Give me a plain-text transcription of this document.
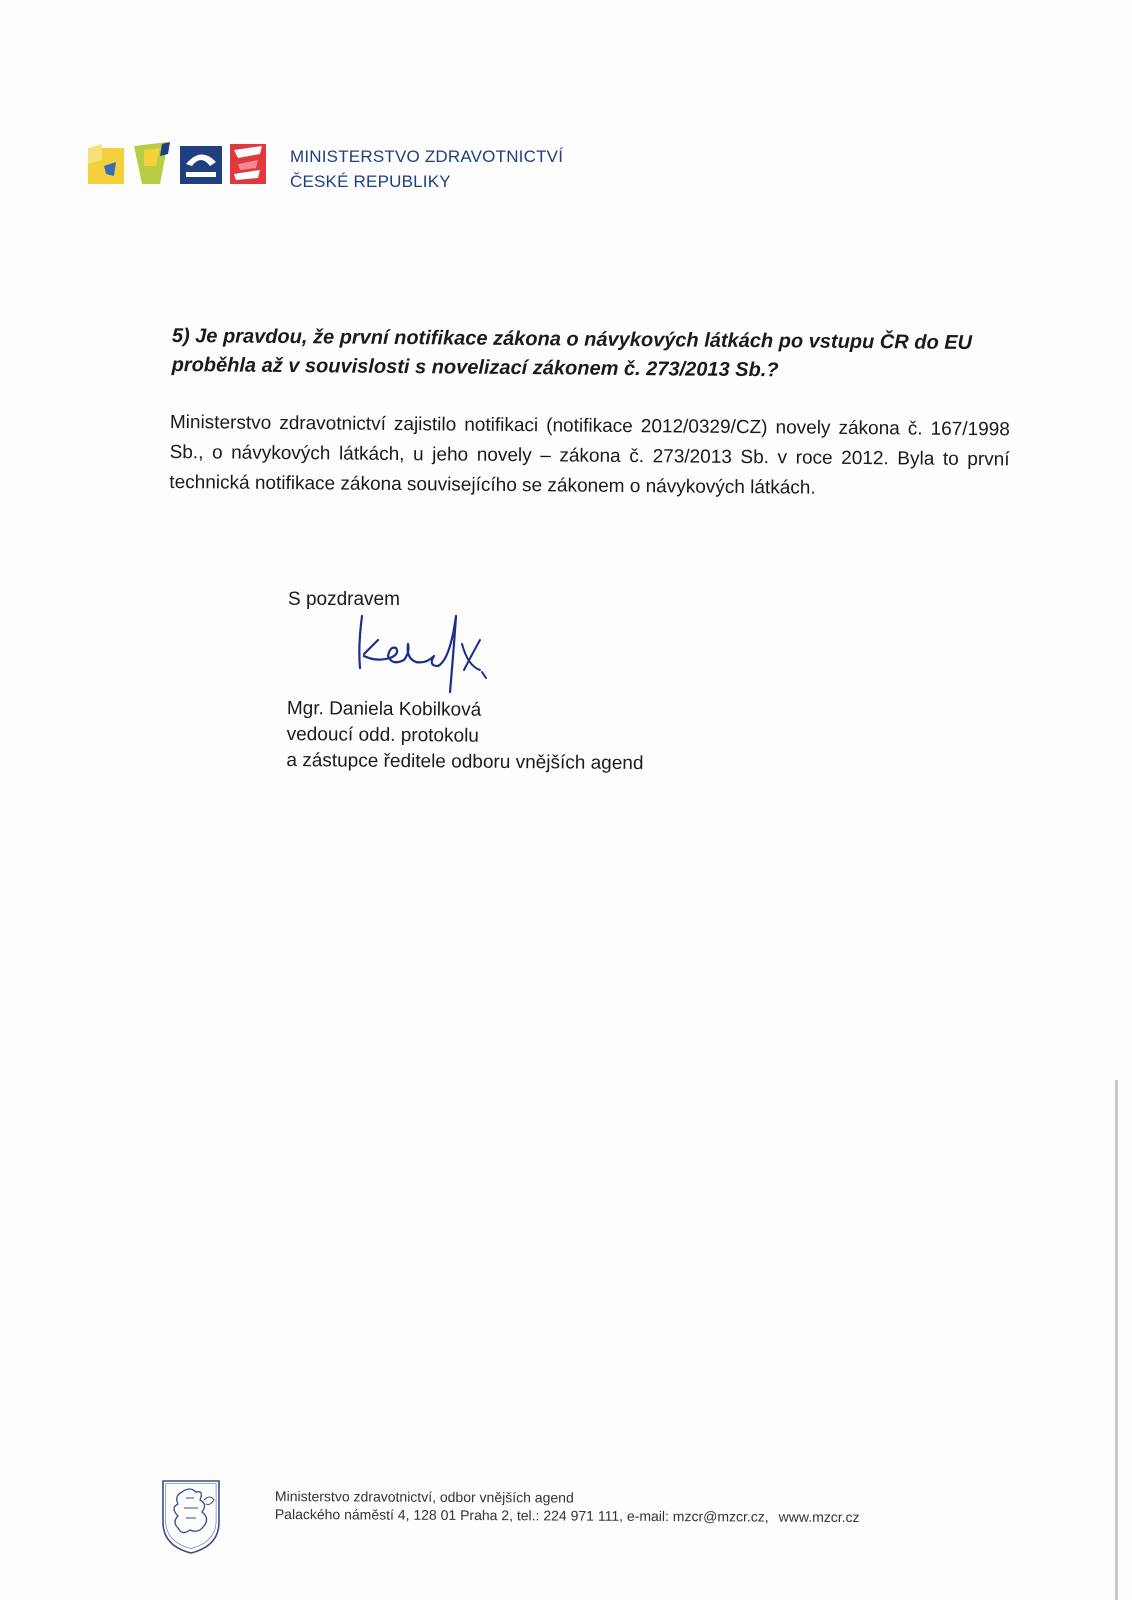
MINISTERSTVO ZDRAVOTNICTVÍ
ČESKÉ REPUBLIKY
5) Je pravdou, že první notifikace zákona o návykových látkách po vstupu ČR do EU proběhla až v souvislosti s novelizací zákonem č. 273/2013 Sb.?
Ministerstvo zdravotnictví zajistilo notifikaci (notifikace 2012/0329/CZ) novely zákona č. 167/1998 Sb., o návykových látkách, u jeho novely – zákona č. 273/2013 Sb. v roce 2012. Byla to první technická notifikace zákona souvisejícího se zákonem o návykových látkách.
S pozdravem
Mgr. Daniela Kobilková
vedoucí odd. protokolu
a zástupce ředitele odboru vnějších agend
Ministerstvo zdravotnictví, odbor vnějších agend
Palackého náměstí 4, 128 01 Praha 2, tel.: 224 971 111, e-mail: mzcr@mzcr.cz, www.mzcr.cz
